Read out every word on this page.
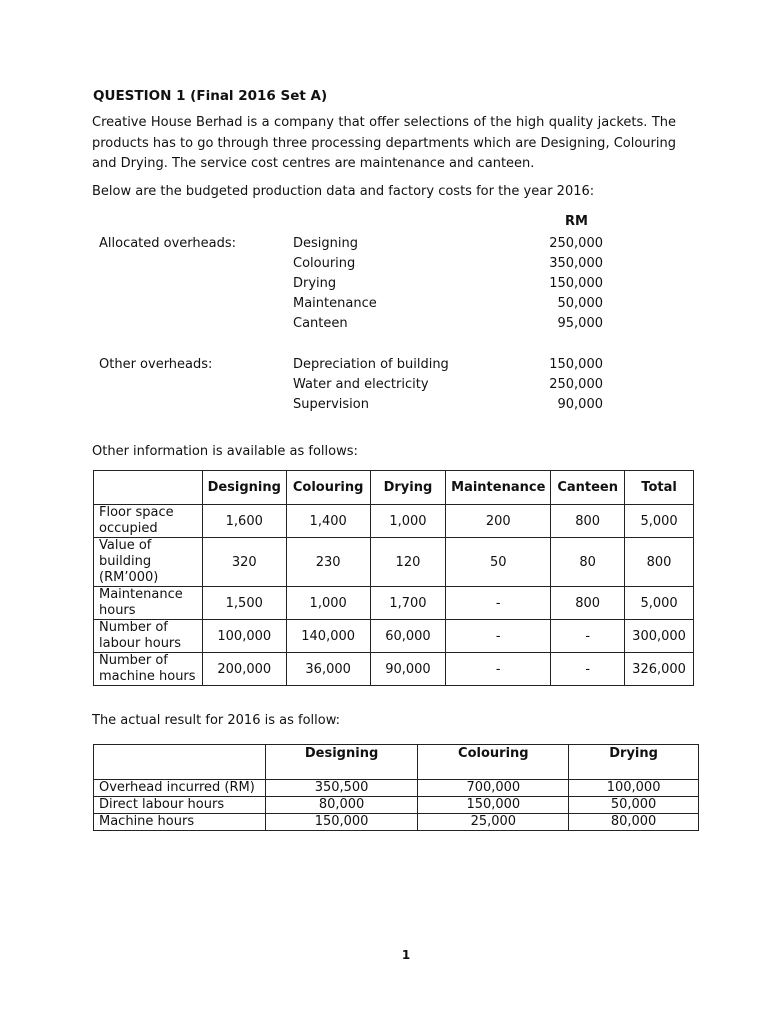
QUESTION 1 (Final 2016 Set A)
Creative House Berhad is a company that offer selections of the high quality jackets. The products has to go through three processing departments which are Designing, Colouring and Drying. The service cost centres are maintenance and canteen.
Below are the budgeted production data and factory costs for the year 2016:
RM
Allocated overheads:	Designing	250,000
Colouring	350,000
Drying	150,000
Maintenance	50,000
Canteen	95,000
Other overheads:	Depreciation of building	150,000
Water and electricity	250,000
Supervision	90,000
Other information is available as follows:
	Designing	Colouring	Drying	Maintenance	Canteen	Total
Floor space occupied	1,600	1,400	1,000	200	800	5,000
Value of building (RM’000)	320	230	120	50	80	800
Maintenance hours	1,500	1,000	1,700	-	800	5,000
Number of labour hours	100,000	140,000	60,000	-	-	300,000
Number of machine hours	200,000	36,000	90,000	-	-	326,000
The actual result for 2016 is as follow:
	Designing	Colouring	Drying
Overhead incurred (RM)	350,500	700,000	100,000
Direct labour hours	80,000	150,000	50,000
Machine hours	150,000	25,000	80,000
1
